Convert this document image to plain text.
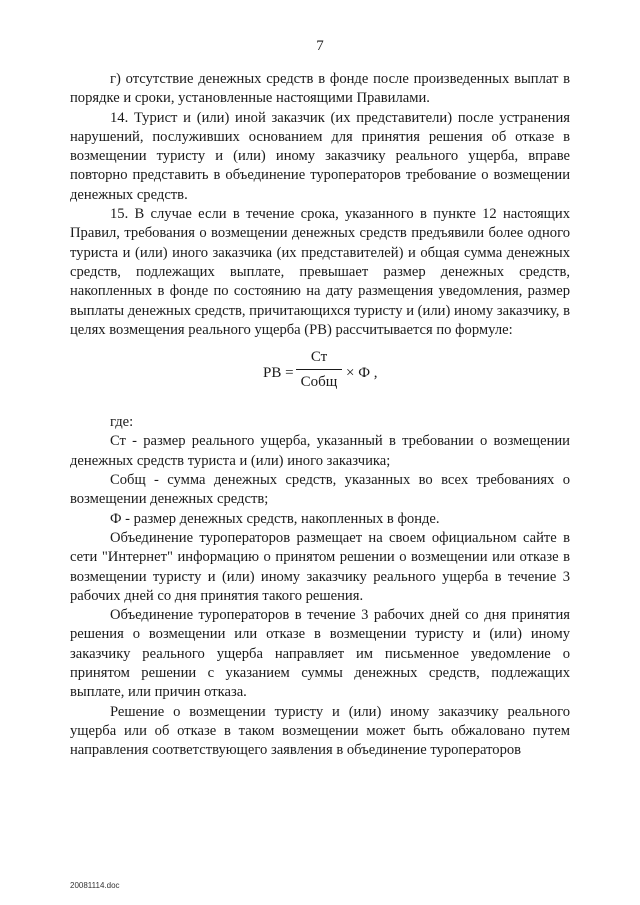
7

г) отсутствие денежных средств в фонде после произведенных выплат в порядке и сроки, установленные настоящими Правилами.

14. Турист и (или) иной заказчик (их представители) после устранения нарушений, послуживших основанием для принятия решения об отказе в возмещении туристу и (или) иному заказчику реального ущерба, вправе повторно представить в объединение туроператоров требование о возмещении денежных средств.

15. В случае если в течение срока, указанного в пункте 12 настоящих Правил, требования о возмещении денежных средств предъявили более одного туриста и (или) иного заказчика (их представителей) и общая сумма денежных средств, подлежащих выплате, превышает размер денежных средств, накопленных в фонде по состоянию на дату размещения уведомления, размер выплаты денежных средств, причитающихся туристу и (или) иному заказчику, в целях возмещения реального ущерба (РВ) рассчитывается по формуле:

РВ =
Ст
Собщ
× Ф ,

где:

Ст - размер реального ущерба, указанный в требовании о возмещении денежных средств туриста и (или) иного заказчика;

Собщ - сумма денежных средств, указанных во всех требованиях о возмещении денежных средств;

Ф - размер денежных средств, накопленных в фонде.

Объединение туроператоров размещает на своем официальном сайте в сети "Интернет" информацию о принятом решении о возмещении или отказе в возмещении туристу и (или) иному заказчику реального ущерба в течение 3 рабочих дней со дня принятия такого решения.

Объединение туроператоров в течение 3 рабочих дней со дня принятия решения о возмещении или отказе в возмещении туристу и (или) иному заказчику реального ущерба направляет им письменное уведомление о принятом решении с указанием суммы денежных средств, подлежащих выплате, или причин отказа.

Решение о возмещении туристу и (или) иному заказчику реального ущерба или об отказе в таком возмещении может быть обжаловано путем направления соответствующего заявления в объединение туроператоров

20081114.doc
